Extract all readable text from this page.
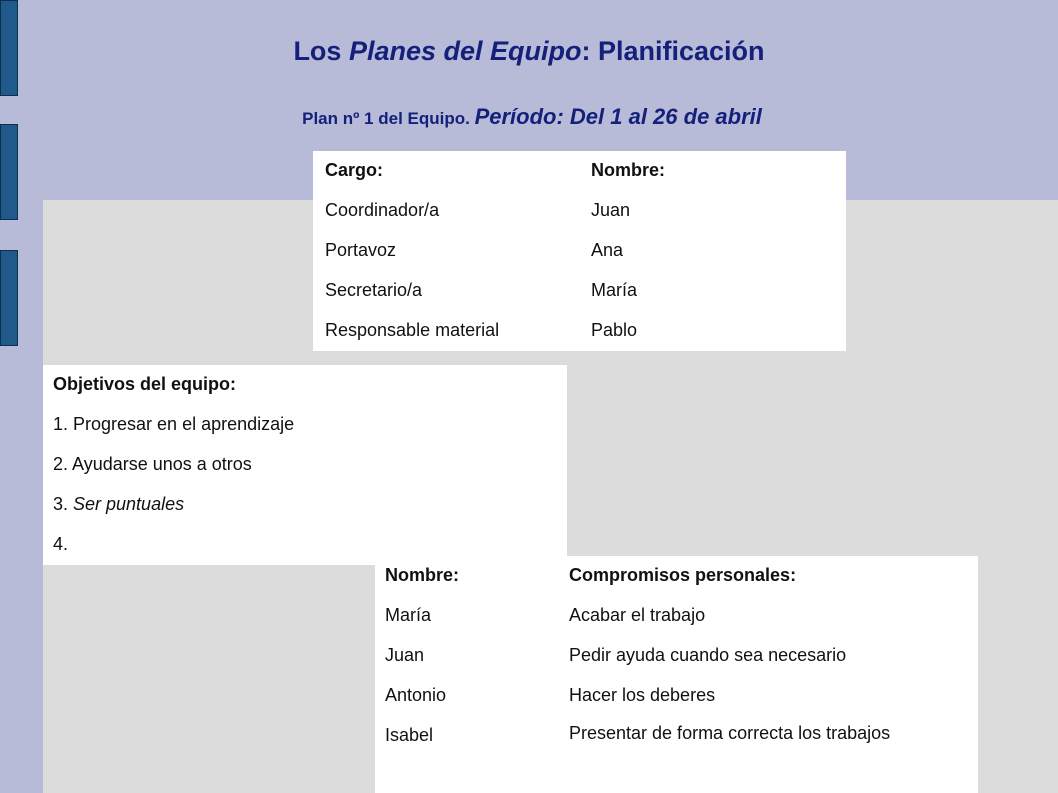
Los Planes del Equipo: Planificación
Plan nº 1 del Equipo. Período: Del 1 al 26 de abril
Cargo:	Nombre:
Coordinador/a	Juan
Portavoz	Ana
Secretario/a	María
Responsable material	Pablo
Objetivos del equipo:
1. Progresar en el aprendizaje
2. Ayudarse unos a otros
3. Ser puntuales
4.
Nombre:	Compromisos personales:
María	Acabar el trabajo
Juan	Pedir ayuda cuando sea necesario
Antonio	Hacer los deberes
Isabel	Presentar de forma correcta los trabajos
